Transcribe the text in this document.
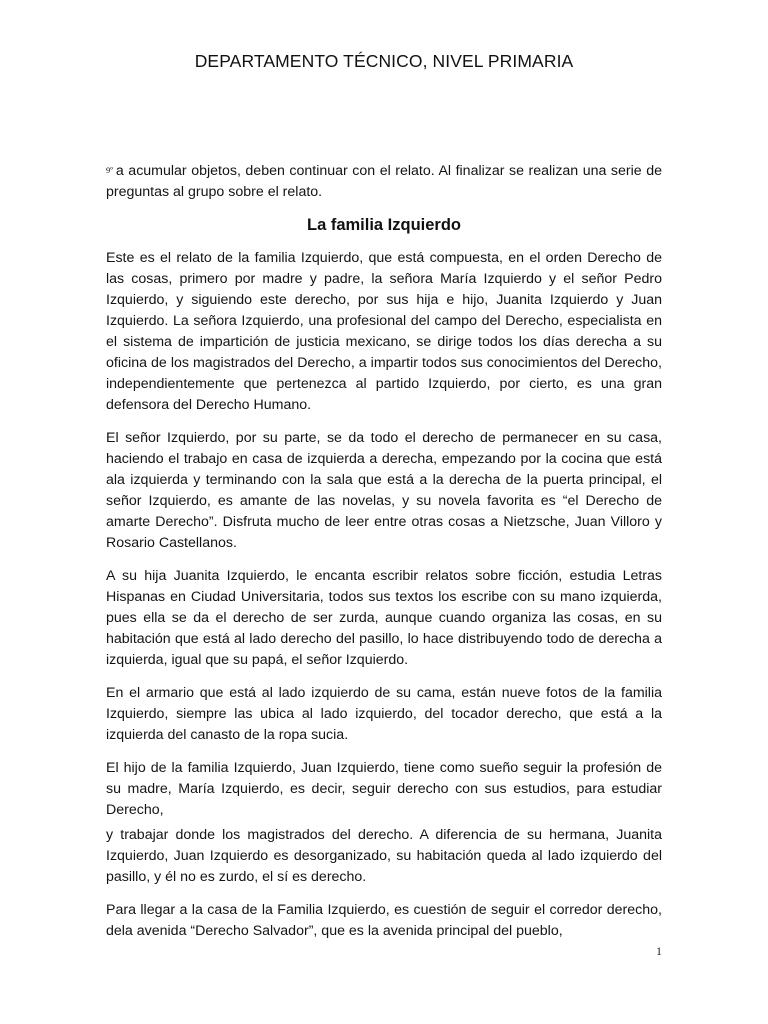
DEPARTAMENTO TÉCNICO, NIVEL PRIMARIA

$^{9º}$ a acumular objetos, deben continuar con el relato. Al finalizar se realizan una serie de preguntas al grupo sobre el relato.

La familia Izquierdo

Este es el relato de la familia Izquierdo, que está compuesta, en el orden Derecho de las cosas, primero por madre y padre, la señora María Izquierdo y el señor Pedro Izquierdo, y siguiendo este derecho, por sus hija e hijo, Juanita Izquierdo y Juan Izquierdo. La señora Izquierdo, una profesional del campo del Derecho, especialista en el sistema de impartición de justicia mexicano, se dirige todos los días derecha a su oficina de los magistrados del Derecho, a impartir todos sus conocimientos del Derecho, independientemente que pertenezca al partido Izquierdo, por cierto, es una gran defensora del Derecho Humano.

El señor Izquierdo, por su parte, se da todo el derecho de permanecer en su casa, haciendo el trabajo en casa de izquierda a derecha, empezando por la cocina que está ala izquierda y terminando con la sala que está a la derecha de la puerta principal, el señor Izquierdo, es amante de las novelas, y su novela favorita es “el Derecho de amarte Derecho”. Disfruta mucho de leer entre otras cosas a Nietzsche, Juan Villoro y Rosario Castellanos.

A su hija Juanita Izquierdo, le encanta escribir relatos sobre ficción, estudia Letras Hispanas en Ciudad Universitaria, todos sus textos los escribe con su mano izquierda, pues ella se da el derecho de ser zurda, aunque cuando organiza las cosas, en su habitación que está al lado derecho del pasillo, lo hace distribuyendo todo de derecha a izquierda, igual que su papá, el señor Izquierdo.

En el armario que está al lado izquierdo de su cama, están nueve fotos de la familia Izquierdo, siempre las ubica al lado izquierdo, del tocador derecho, que está a la izquierda del canasto de la ropa sucia.

El hijo de la familia Izquierdo, Juan Izquierdo, tiene como sueño seguir la profesión de su madre, María Izquierdo, es decir, seguir derecho con sus estudios, para estudiar Derecho,

y trabajar donde los magistrados del derecho. A diferencia de su hermana, Juanita Izquierdo, Juan Izquierdo es desorganizado, su habitación queda al lado izquierdo del pasillo, y él no es zurdo, el sí es derecho.

Para llegar a la casa de la Familia Izquierdo, es cuestión de seguir el corredor derecho, dela avenida “Derecho Salvador”, que es la avenida principal del pueblo,

1
